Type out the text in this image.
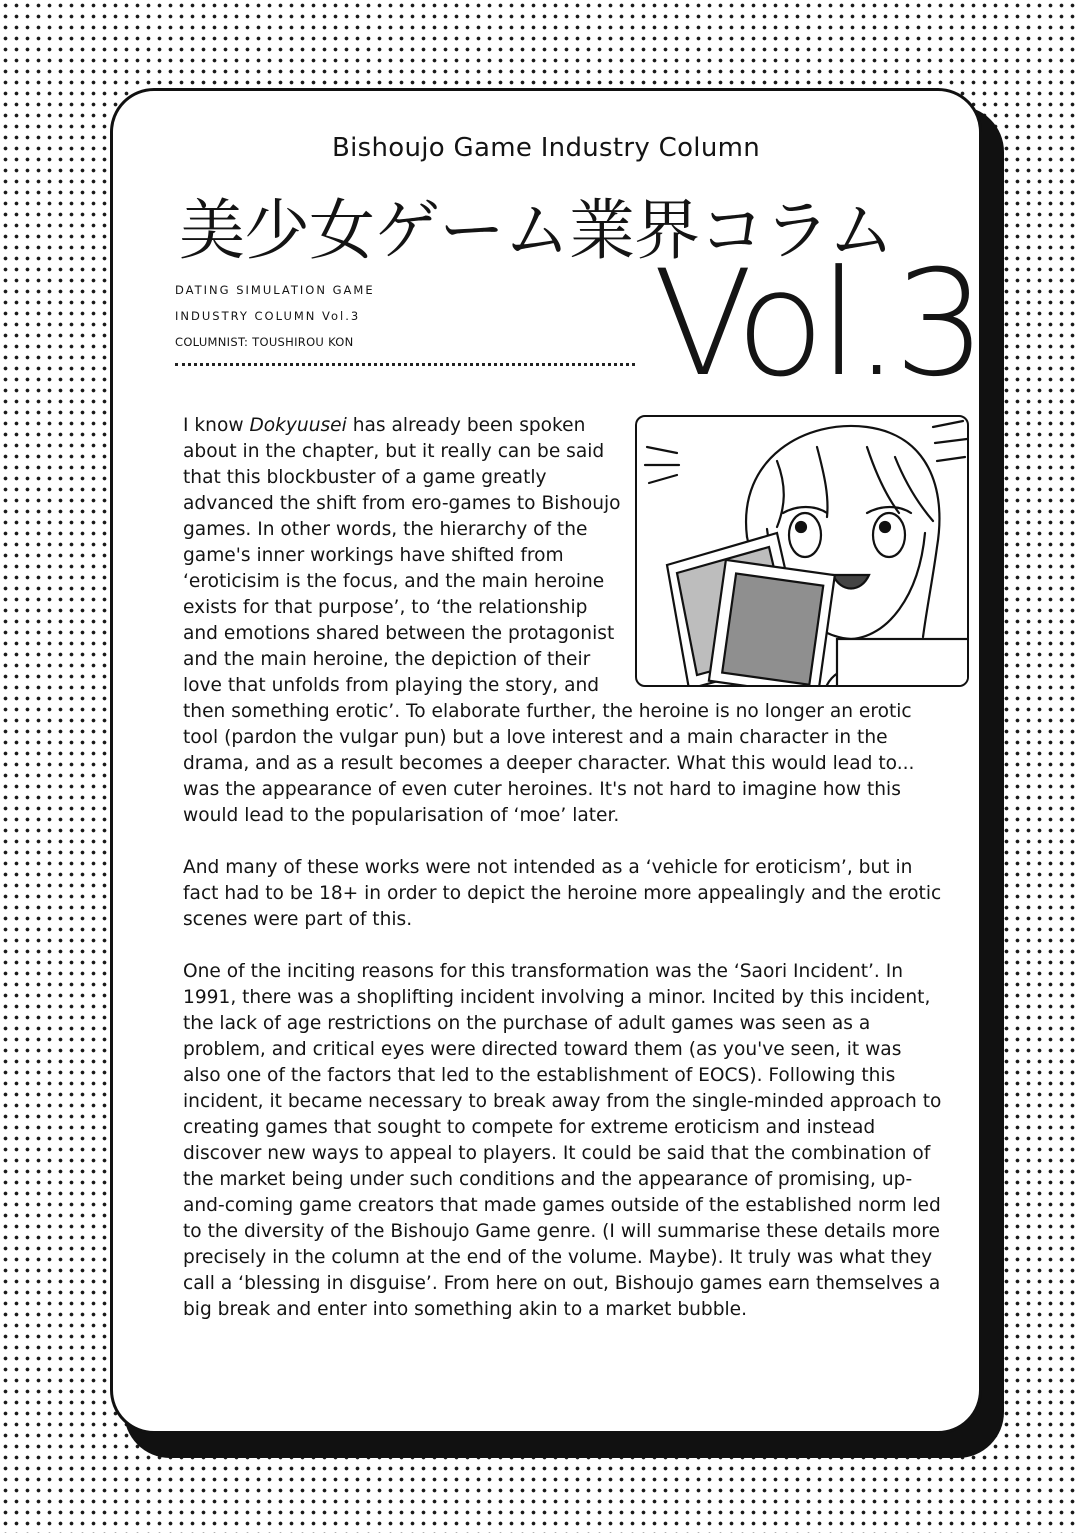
Bishoujo Game Industry Column
美少女ゲーム業界コラム
DATING SIMULATION GAME
INDUSTRY COLUMN Vol.3
COLUMNIST: TOUSHIROU KON	Vol.3

I know Dokyuusei has already been spoken about in the chapter, but it really can be said that this blockbuster of a game greatly advanced the shift from ero-games to Bishoujo games. In other words, the hierarchy of the game's inner workings have shifted from ‘eroticisim is the focus, and the main heroine exists for that purpose’, to ‘the relationship and emotions shared between the protagonist and the main heroine, the depiction of their love that unfolds from playing the story, and then something erotic’. To elaborate further, the heroine is no longer an erotic tool (pardon the vulgar pun) but a love interest and a main character in the drama, and as a result becomes a deeper character. What this would lead to... was the appearance of even cuter heroines. It's not hard to imagine how this would lead to the popularisation of ‘moe’ later.

And many of these works were not intended as a ‘vehicle for eroticism’, but in fact had to be 18+ in order to depict the heroine more appealingly and the erotic scenes were part of this.

One of the inciting reasons for this transformation was the ‘Saori Incident’. In 1991, there was a shoplifting incident involving a minor. Incited by this incident, the lack of age restrictions on the purchase of adult games was seen as a problem, and critical eyes were directed toward them (as you've seen, it was also one of the factors that led to the establishment of EOCS). Following this incident, it became necessary to break away from the single-minded approach to creating games that sought to compete for extreme eroticism and instead discover new ways to appeal to players. It could be said that the combination of the market being under such conditions and the appearance of promising, up-and-coming game creators that made games outside of the established norm led to the diversity of the Bishoujo Game genre. (I will summarise these details more precisely in the column at the end of the volume. Maybe). It truly was what they call a ‘blessing in disguise’. From here on out, Bishoujo games earn themselves a big break and enter into something akin to a market bubble.
